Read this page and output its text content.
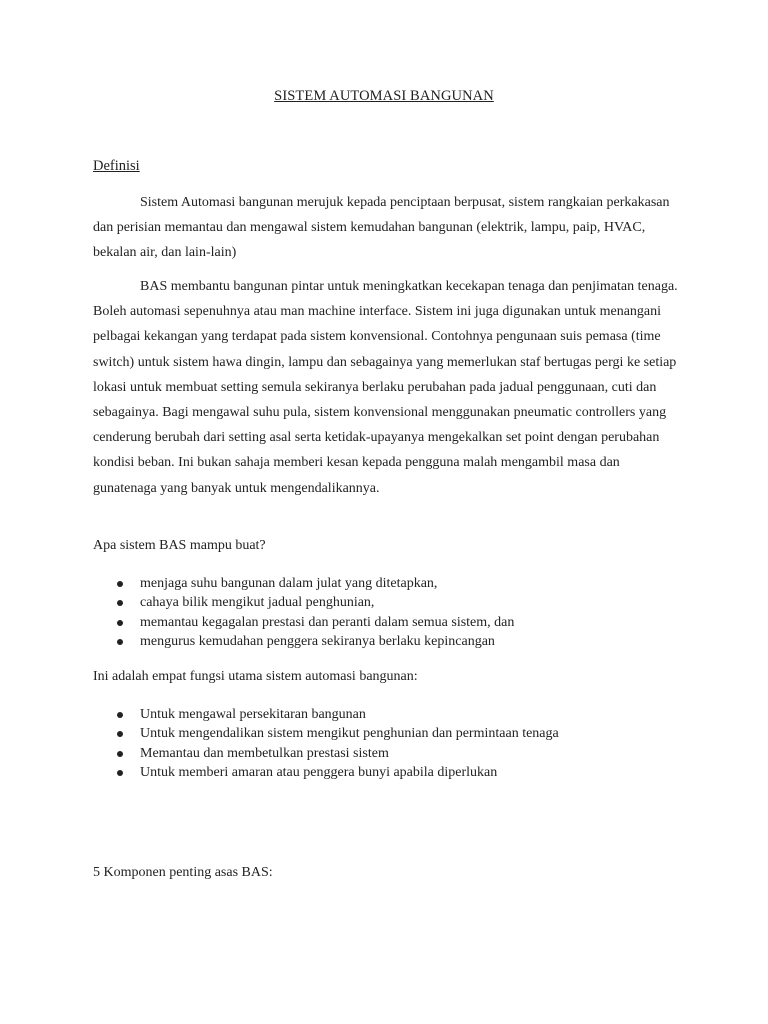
SISTEM AUTOMASI BANGUNAN
Definisi

Sistem Automasi bangunan merujuk kepada penciptaan berpusat, sistem rangkaian perkakasan dan perisian memantau dan mengawal sistem kemudahan bangunan (elektrik, lampu, paip, HVAC, bekalan air, dan lain-lain)

BAS membantu bangunan pintar untuk meningkatkan kecekapan tenaga dan penjimatan tenaga. Boleh automasi sepenuhnya atau man machine interface. Sistem ini juga digunakan untuk menangani pelbagai kekangan yang terdapat pada sistem konvensional. Contohnya pengunaan suis pemasa (time switch) untuk sistem hawa dingin, lampu dan sebagainya yang memerlukan staf bertugas pergi ke setiap lokasi untuk membuat setting semula sekiranya berlaku perubahan pada jadual penggunaan, cuti dan sebagainya. Bagi mengawal suhu pula, sistem konvensional menggunakan pneumatic controllers yang cenderung berubah dari setting asal serta ketidak-upayanya mengekalkan set point dengan perubahan kondisi beban. Ini bukan sahaja memberi kesan kepada pengguna malah mengambil masa dan gunatenaga yang banyak untuk mengendalikannya.

Apa sistem BAS mampu buat?

menjaga suhu bangunan dalam julat yang ditetapkan,
cahaya bilik mengikut jadual penghunian,
memantau kegagalan prestasi dan peranti dalam semua sistem, dan
mengurus kemudahan penggera sekiranya berlaku kepincangan

Ini adalah empat fungsi utama sistem automasi bangunan:

Untuk mengawal persekitaran bangunan
Untuk mengendalikan sistem mengikut penghunian dan permintaan tenaga
Memantau dan membetulkan prestasi sistem
Untuk memberi amaran atau penggera bunyi apabila diperlukan

5 Komponen penting asas BAS:
